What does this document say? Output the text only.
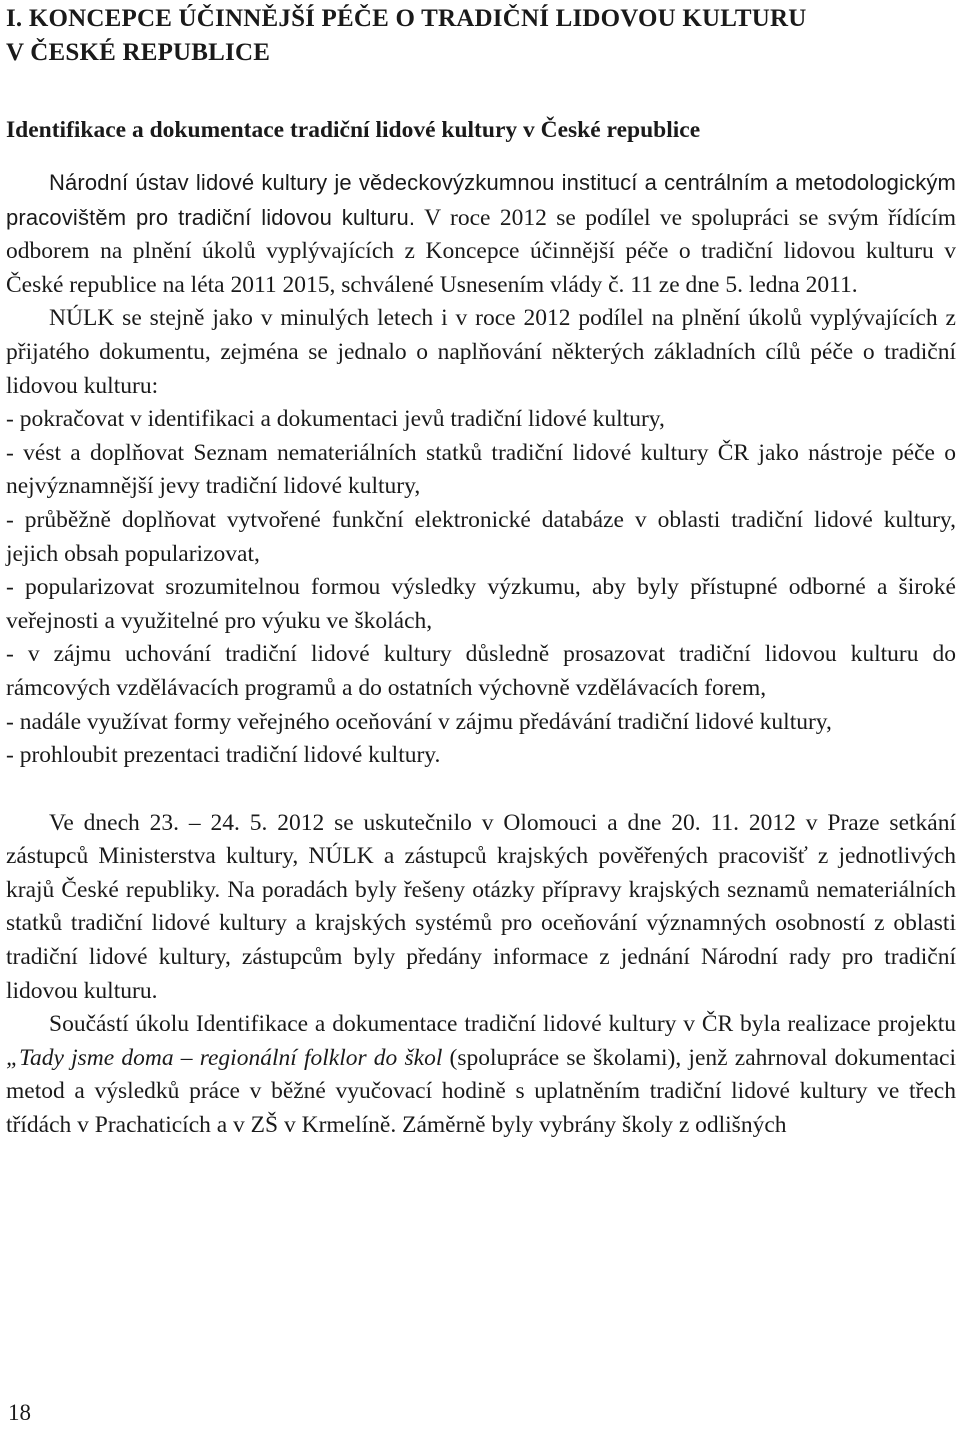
I. KONCEPCE ÚČINNĚJŠÍ PÉČE O TRADIČNÍ LIDOVOU KULTURU
V ČESKÉ REPUBLICE
Identifikace a dokumentace tradiční lidové kultury v České republice

Národní ústav lidové kultury je vědeckovýzkumnou institucí a centrálním a metodologickým pracovištěm pro tradiční lidovou kulturu. V roce 2012 se podílel ve spolupráci se svým řídícím odborem na plnění úkolů vyplývajících z Koncepce účinnější péče o tradiční lidovou kulturu v České republice na léta 2011 2015, schválené Usnesením vlády č. 11 ze dne 5. ledna 2011.

NÚLK se stejně jako v minulých letech i v roce 2012 podílel na plnění úkolů vyplývajících z přijatého dokumentu, zejména se jednalo o naplňování některých základních cílů péče o tradiční lidovou kulturu:

- pokračovat v identifikaci a dokumentaci jevů tradiční lidové kultury,
- vést a doplňovat Seznam nemateriálních statků tradiční lidové kultury ČR jako nástroje péče o nejvýznamnější jevy tradiční lidové kultury,
- průběžně doplňovat vytvořené funkční elektronické databáze v oblasti tradiční lidové kultury, jejich obsah popularizovat,
- popularizovat srozumitelnou formou výsledky výzkumu, aby byly přístupné odborné a široké veřejnosti a využitelné pro výuku ve školách,
- v zájmu uchování tradiční lidové kultury důsledně prosazovat tradiční lidovou kulturu do rámcových vzdělávacích programů a do ostatních výchovně vzdělávacích forem,
- nadále využívat formy veřejného oceňování v zájmu předávání tradiční lidové kultury,
- prohloubit prezentaci tradiční lidové kultury.

Ve dnech 23. – 24. 5. 2012 se uskutečnilo v Olomouci a dne 20. 11. 2012 v Praze setkání zástupců Ministerstva kultury, NÚLK a zástupců krajských pověřených pracovišť z jednotlivých krajů České republiky. Na poradách byly řešeny otázky přípravy krajských seznamů nemateriálních statků tradiční lidové kultury a krajských systémů pro oceňování významných osobností z oblasti tradiční lidové kultury, zástupcům byly předány informace z jednání Národní rady pro tradiční lidovou kulturu.

Součástí úkolu Identifikace a dokumentace tradiční lidové kultury v ČR byla realizace projektu „Tady jsme doma – regionální folklor do škol (spolupráce se školami), jenž zahrnoval dokumentaci metod a výsledků práce v běžné vyučovací hodině s uplatněním tradiční lidové kultury ve třech třídách v Prachaticích a v ZŠ v Krmelíně. Záměrně byly vybrány školy z odlišných

18
